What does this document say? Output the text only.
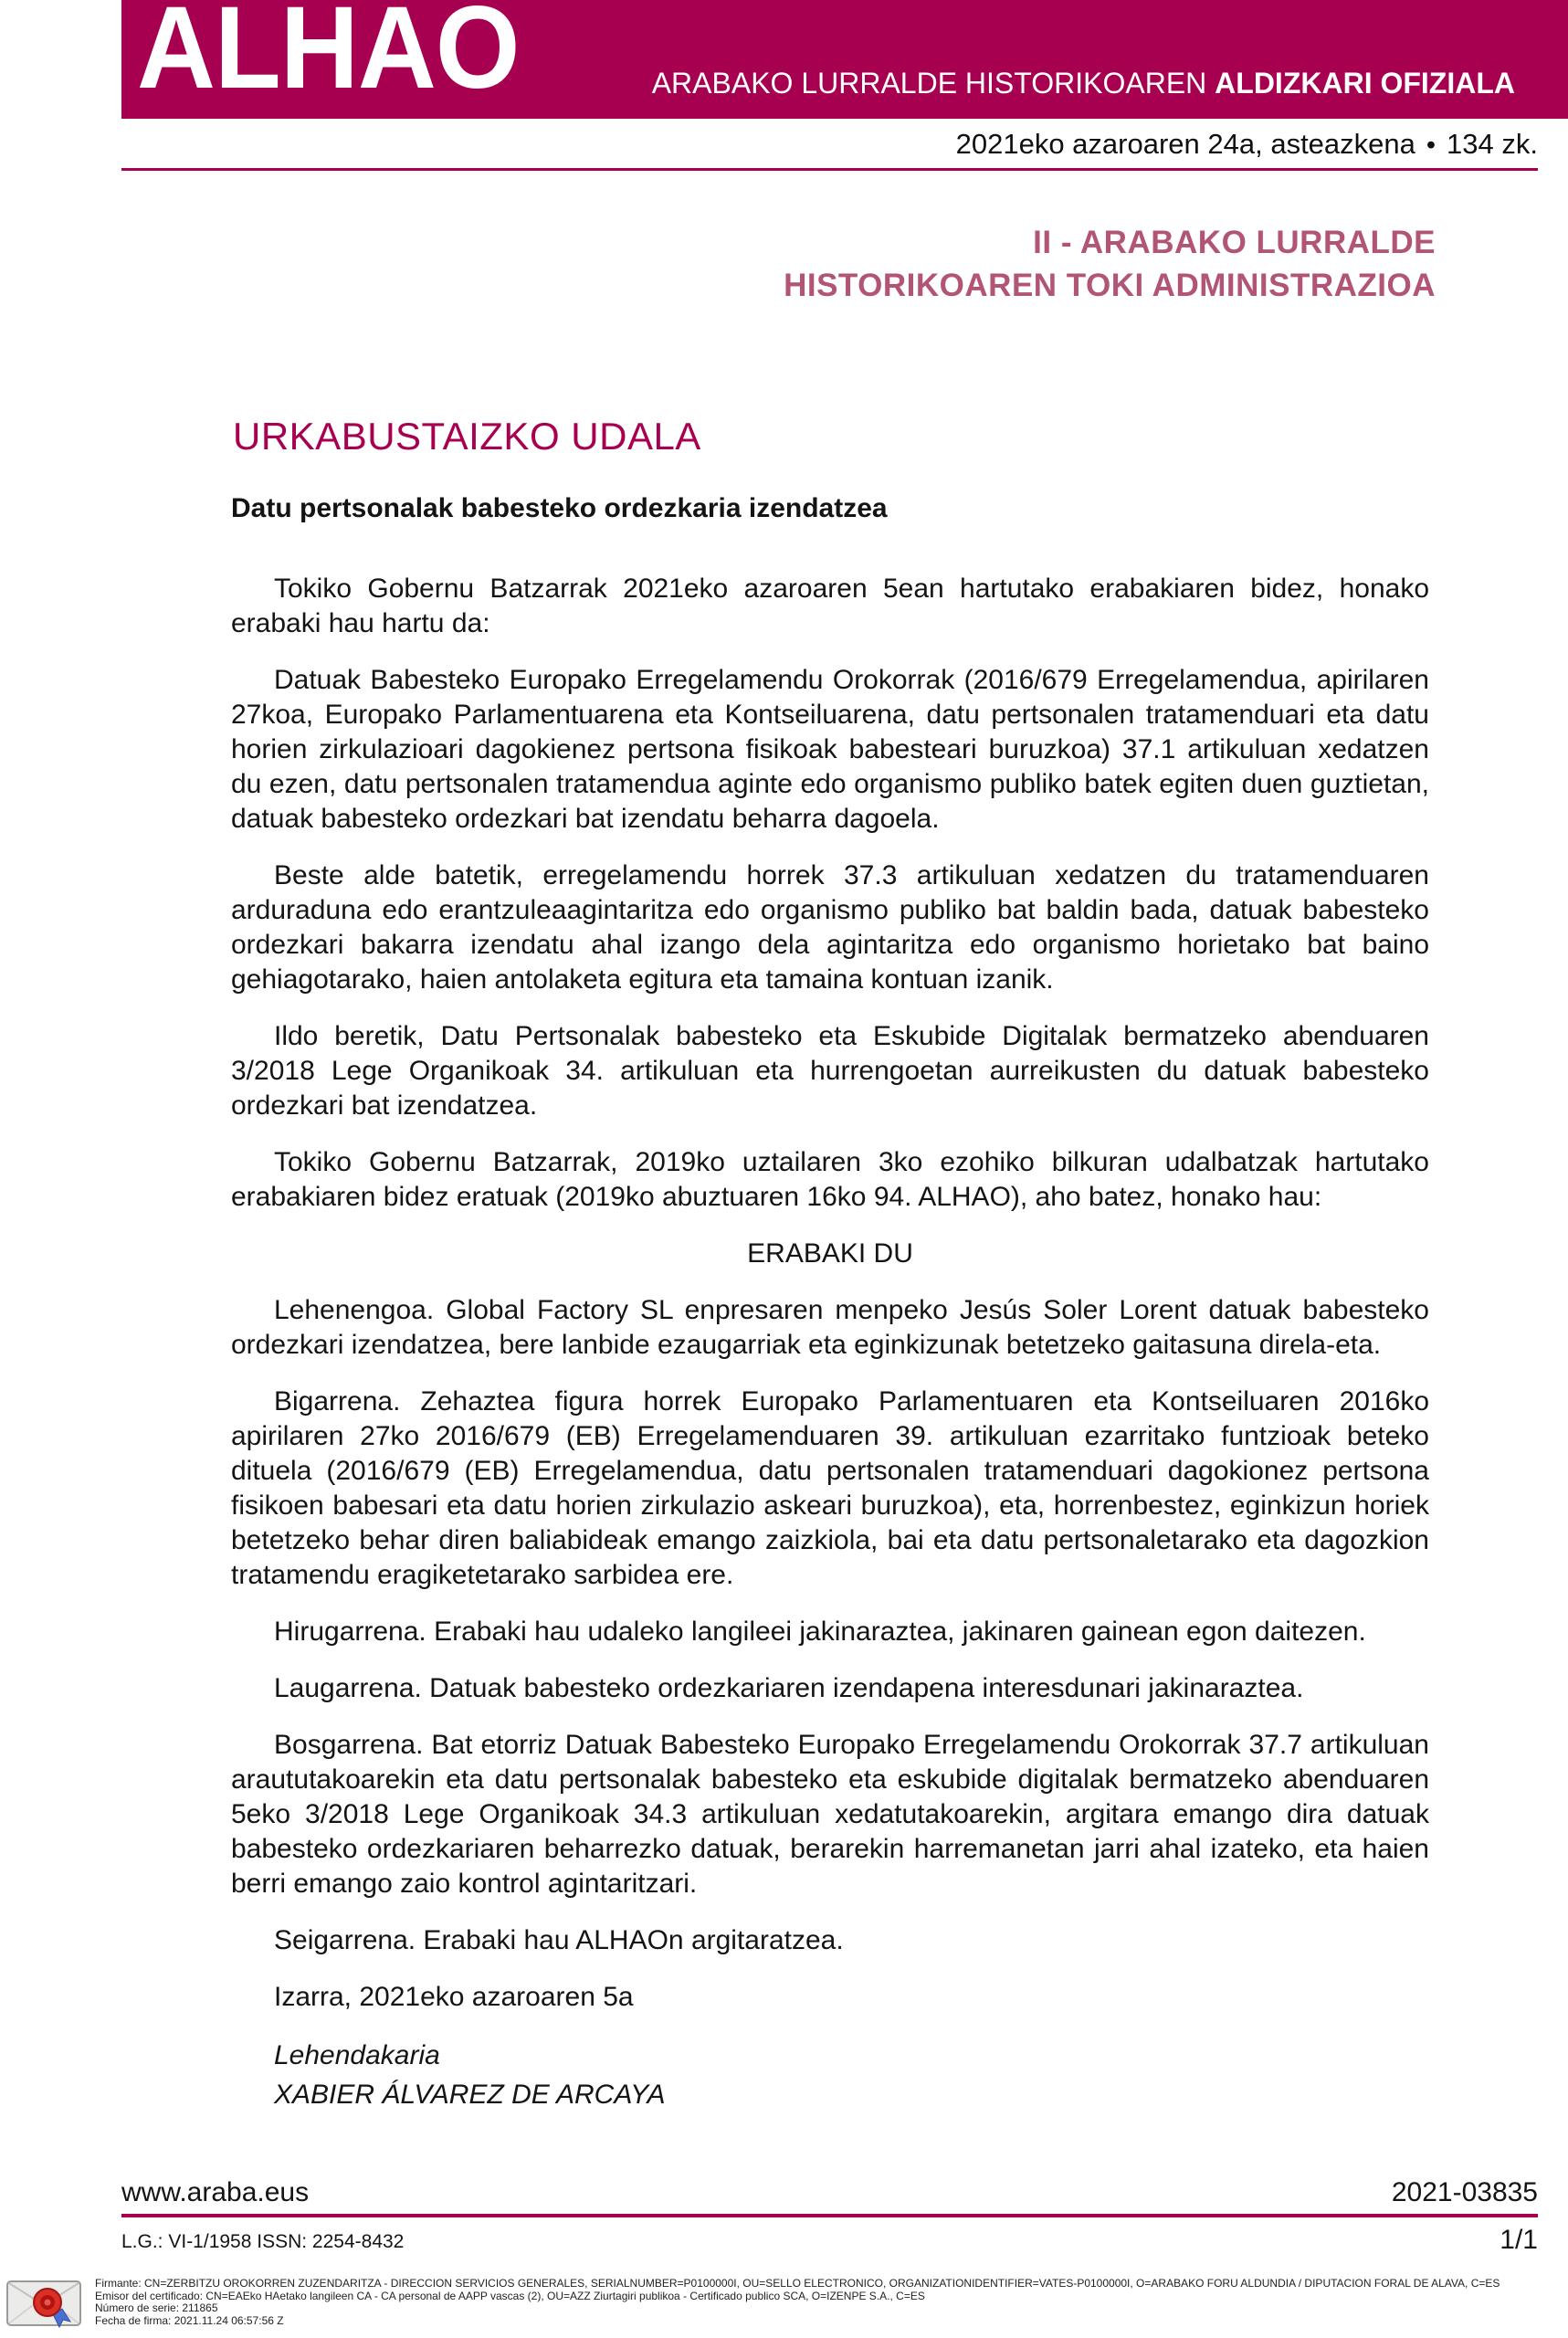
ALHAO	ARABAKO LURRALDE HISTORIKOAREN ALDIZKARI OFIZIALA
2021eko azaroaren 24a, asteazkena • 134 zk.
II - ARABAKO LURRALDE
HISTORIKOAREN TOKI ADMINISTRAZIOA
URKABUSTAIZKO UDALA
Datu pertsonalak babesteko ordezkaria izendatzea

Tokiko Gobernu Batzarrak 2021eko azaroaren 5ean hartutako erabakiaren bidez, honako erabaki hau hartu da:

Datuak Babesteko Europako Erregelamendu Orokorrak (2016/679 Erregelamendua, apirilaren 27koa, Europako Parlamentuarena eta Kontseiluarena, datu pertsonalen tratamenduari eta datu horien zirkulazioari dagokienez pertsona fisikoak babesteari buruzkoa) 37.1 artikuluan xedatzen du ezen, datu pertsonalen tratamendua aginte edo organismo publiko batek egiten duen guztietan, datuak babesteko ordezkari bat izendatu beharra dagoela.

Beste alde batetik, erregelamendu horrek 37.3 artikuluan xedatzen du tratamenduaren arduraduna edo erantzuleaagintaritza edo organismo publiko bat baldin bada, datuak babesteko ordezkari bakarra izendatu ahal izango dela agintaritza edo organismo horietako bat baino gehiagotarako, haien antolaketa egitura eta tamaina kontuan izanik.

Ildo beretik, Datu Pertsonalak babesteko eta Eskubide Digitalak bermatzeko abenduaren 3/2018 Lege Organikoak 34. artikuluan eta hurrengoetan aurreikusten du datuak babesteko ordezkari bat izendatzea.

Tokiko Gobernu Batzarrak, 2019ko uztailaren 3ko ezohiko bilkuran udalbatzak hartutako erabakiaren bidez eratuak (2019ko abuztuaren 16ko 94. ALHAO), aho batez, honako hau:

ERABAKI DU

Lehenengoa. Global Factory SL enpresaren menpeko Jesús Soler Lorent datuak babesteko ordezkari izendatzea, bere lanbide ezaugarriak eta eginkizunak betetzeko gaitasuna direla-eta.

Bigarrena. Zehaztea figura horrek Europako Parlamentuaren eta Kontseiluaren 2016ko apirilaren 27ko 2016/679 (EB) Erregelamenduaren 39. artikuluan ezarritako funtzioak beteko dituela (2016/679 (EB) Erregelamendua, datu pertsonalen tratamenduari dagokionez pertsona fisikoen babesari eta datu horien zirkulazio askeari buruzkoa), eta, horrenbestez, eginkizun horiek betetzeko behar diren baliabideak emango zaizkiola, bai eta datu pertsonaletarako eta dagozkion tratamendu eragiketetarako sarbidea ere.

Hirugarrena. Erabaki hau udaleko langileei jakinaraztea, jakinaren gainean egon daitezen.

Laugarrena. Datuak babesteko ordezkariaren izendapena interesdunari jakinaraztea.

Bosgarrena. Bat etorriz Datuak Babesteko Europako Erregelamendu Orokorrak 37.7 artikuluan araututakoarekin eta datu pertsonalak babesteko eta eskubide digitalak bermatzeko abenduaren 5eko 3/2018 Lege Organikoak 34.3 artikuluan xedatutakoarekin, argitara emango dira datuak babesteko ordezkariaren beharrezko datuak, berarekin harremanetan jarri ahal izateko, eta haien berri emango zaio kontrol agintaritzari.

Seigarrena. Erabaki hau ALHAOn argitaratzea.

Izarra, 2021eko azaroaren 5a

Lehendakaria

XABIER ÁLVAREZ DE ARCAYA

www.araba.eus	2021-03835
L.G.: VI-1/1958 ISSN: 2254-8432	1/1
Firmante: CN=ZERBITZU OROKORREN ZUZENDARITZA - DIRECCION SERVICIOS GENERALES, SERIALNUMBER=P0100000I, OU=SELLO ELECTRONICO, ORGANIZATIONIDENTIFIER=VATES-P0100000I, O=ARABAKO FORU ALDUNDIA / DIPUTACION FORAL DE ALAVA, C=ES
Emisor del certificado: CN=EAEko HAetako langileen CA - CA personal de AAPP vascas (2), OU=AZZ Ziurtagiri publikoa - Certificado publico SCA, O=IZENPE S.A., C=ES
Número de serie: 211865
Fecha de firma: 2021.11.24 06:57:56 Z
